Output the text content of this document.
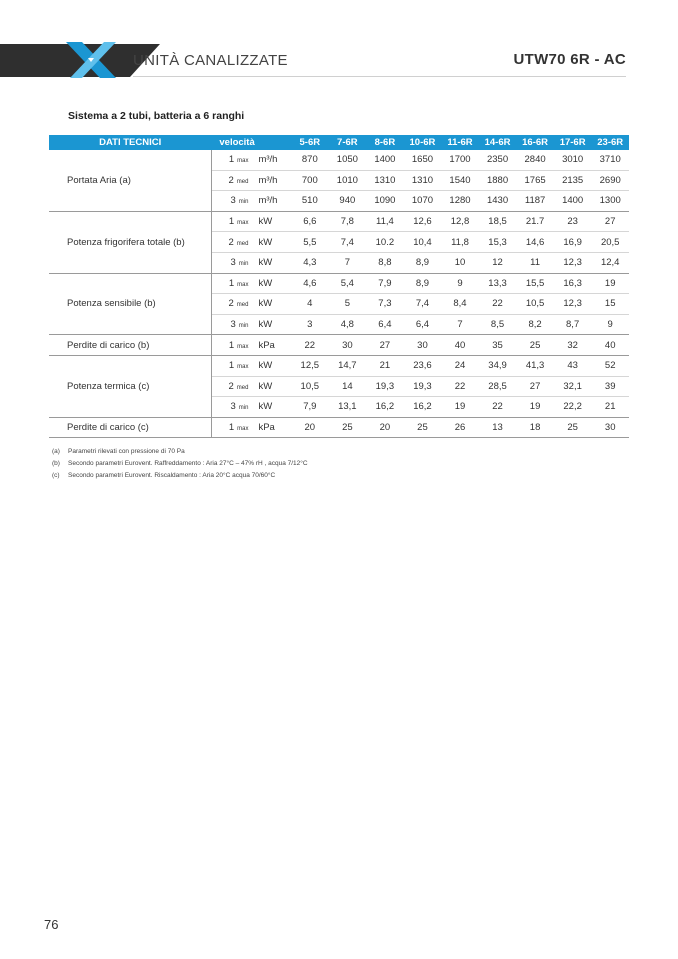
UNITÀ CANALIZZATE	UTW70 6R - AC
Sistema a 2 tubi, batteria a 6 ranghi
DATI TECNICI	velocità		5-6R	7-6R	8-6R	10-6R	11-6R	14-6R	16-6R	17-6R	23-6R
Portata Aria (a)	1 max	m³/h	870	1050	1400	1650	1700	2350	2840	3010	3710
	2 med	m³/h	700	1010	1310	1310	1540	1880	1765	2135	2690
	3 min	m³/h	510	940	1090	1070	1280	1430	1187	1400	1300
Potenza frigorifera totale (b)	1 max	kW	6,6	7,8	11,4	12,6	12,8	18,5	21.7	23	27
	2 med	kW	5,5	7,4	10.2	10,4	11,8	15,3	14,6	16,9	20,5
	3 min	kW	4,3	7	8,8	8,9	10	12	11	12,3	12,4
Potenza sensibile (b)	1 max	kW	4,6	5,4	7,9	8,9	9	13,3	15,5	16,3	19
	2 med	kW	4	5	7,3	7,4	8,4	22	10,5	12,3	15
	3 min	kW	3	4,8	6,4	6,4	7	8,5	8,2	8,7	9
Perdite di carico (b)	1 max	kPa	22	30	27	30	40	35	25	32	40
Potenza termica (c)	1 max	kW	12,5	14,7	21	23,6	24	34,9	41,3	43	52
	2 med	kW	10,5	14	19,3	19,3	22	28,5	27	32,1	39
	3 min	kW	7,9	13,1	16,2	16,2	19	22	19	22,2	21
Perdite di carico (c)	1 max	kPa	20	25	20	25	26	13	18	25	30
(a)	Parametri rilevati con pressione di 70 Pa
(b)	Secondo parametri Eurovent. Raffreddamento : Aria 27°C – 47% rH , acqua 7/12°C
(c)	Secondo parametri Eurovent. Riscaldamento : Aria 20°C acqua 70/60°C
76
